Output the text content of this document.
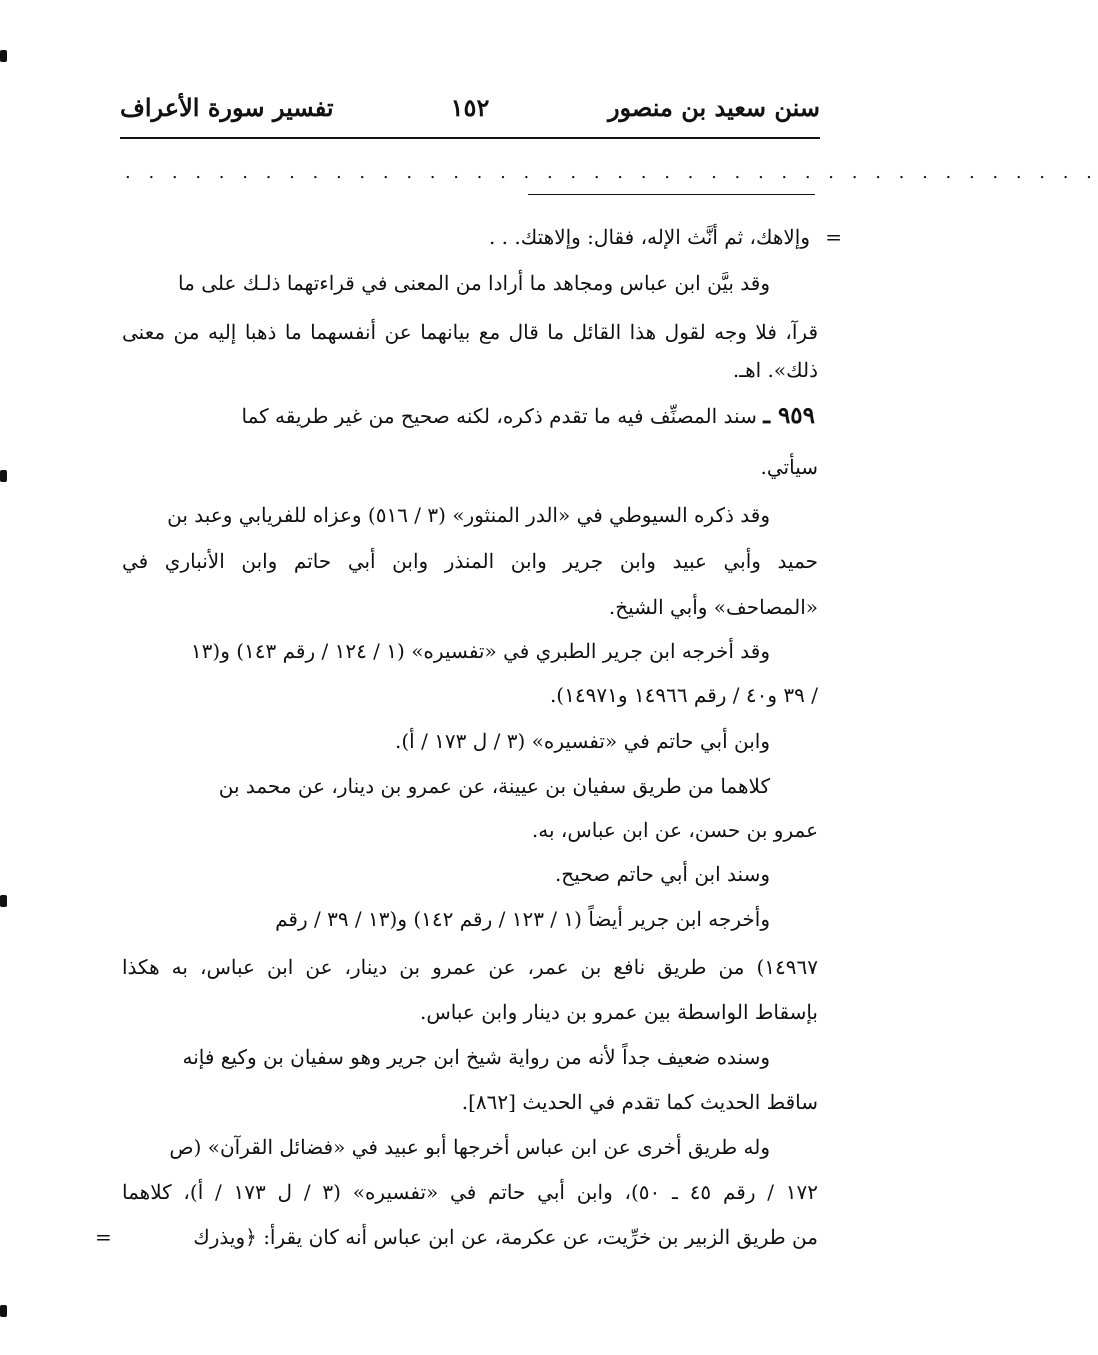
سنن سعيد بن منصور
١٥٢
تفسير سورة الأعراف
. . . . . . . . . . . . . . . . . . . . . . . . . . . . . . . . . . . . . . . . . .
=
=
وإلاهك، ثم أنَّث الإله، فقال: وإلاهتك. . .
وقد بيَّن ابن عباس ومجاهد ما أرادا من المعنى في قراءتهما ذلـك على ما
قرآ، فلا وجه لقول هذا القائل ما قال مع بيانهما عن أنفسهما ما ذهبا إليه من معنى
ذلك». اهـ.
٩٥٩ ـ سند المصنِّف فيه ما تقدم ذكره، لكنه صحيح من غير طريقه كما
سيأتي.
وقد ذكره السيوطي في «الدر المنثور» (٣ / ٥١٦) وعزاه للفريابي وعبد بن
حميد وأبي عبيد وابن جرير وابن المنذر وابن أبي حاتم وابن الأنباري في
«المصاحف» وأبي الشيخ.
وقد أخرجه ابن جرير الطبري في «تفسيره» (١ / ١٢٤ / رقم ١٤٣) و(١٣
/ ٣٩ و٤٠ / رقم ١٤٩٦٦ و١٤٩٧١).
وابن أبي حاتم في «تفسيره» (٣ / ل ١٧٣ / أ).
كلاهما من طريق سفيان بن عيينة، عن عمرو بن دينار، عن محمد بن
عمرو بن حسن، عن ابن عباس، به.
وسند ابن أبي حاتم صحيح.
وأخرجه ابن جرير أيضاً (١ / ١٢٣ / رقم ١٤٢) و(١٣ / ٣٩ / رقم
١٤٩٦٧) من طريق نافع بن عمر، عن عمرو بن دينار، عن ابن عباس، به هكذا
بإسقاط الواسطة بين عمرو بن دينار وابن عباس.
وسنده ضعيف جداً لأنه من رواية شيخ ابن جرير وهو سفيان بن وكيع فإنه
ساقط الحديث كما تقدم في الحديث [٨٦٢].
وله طريق أخرى عن ابن عباس أخرجها أبو عبيد في «فضائل القرآن» (ص
١٧٢ / رقم ٤٥ ـ ٥٠)، وابن أبي حاتم في «تفسيره» (٣ / ل ١٧٣ / أ)، كلاهما
من طريق الزبير بن خرِّيت، عن عكرمة، عن ابن عباس أنه كان يقرأ: ﴿ويذرك
